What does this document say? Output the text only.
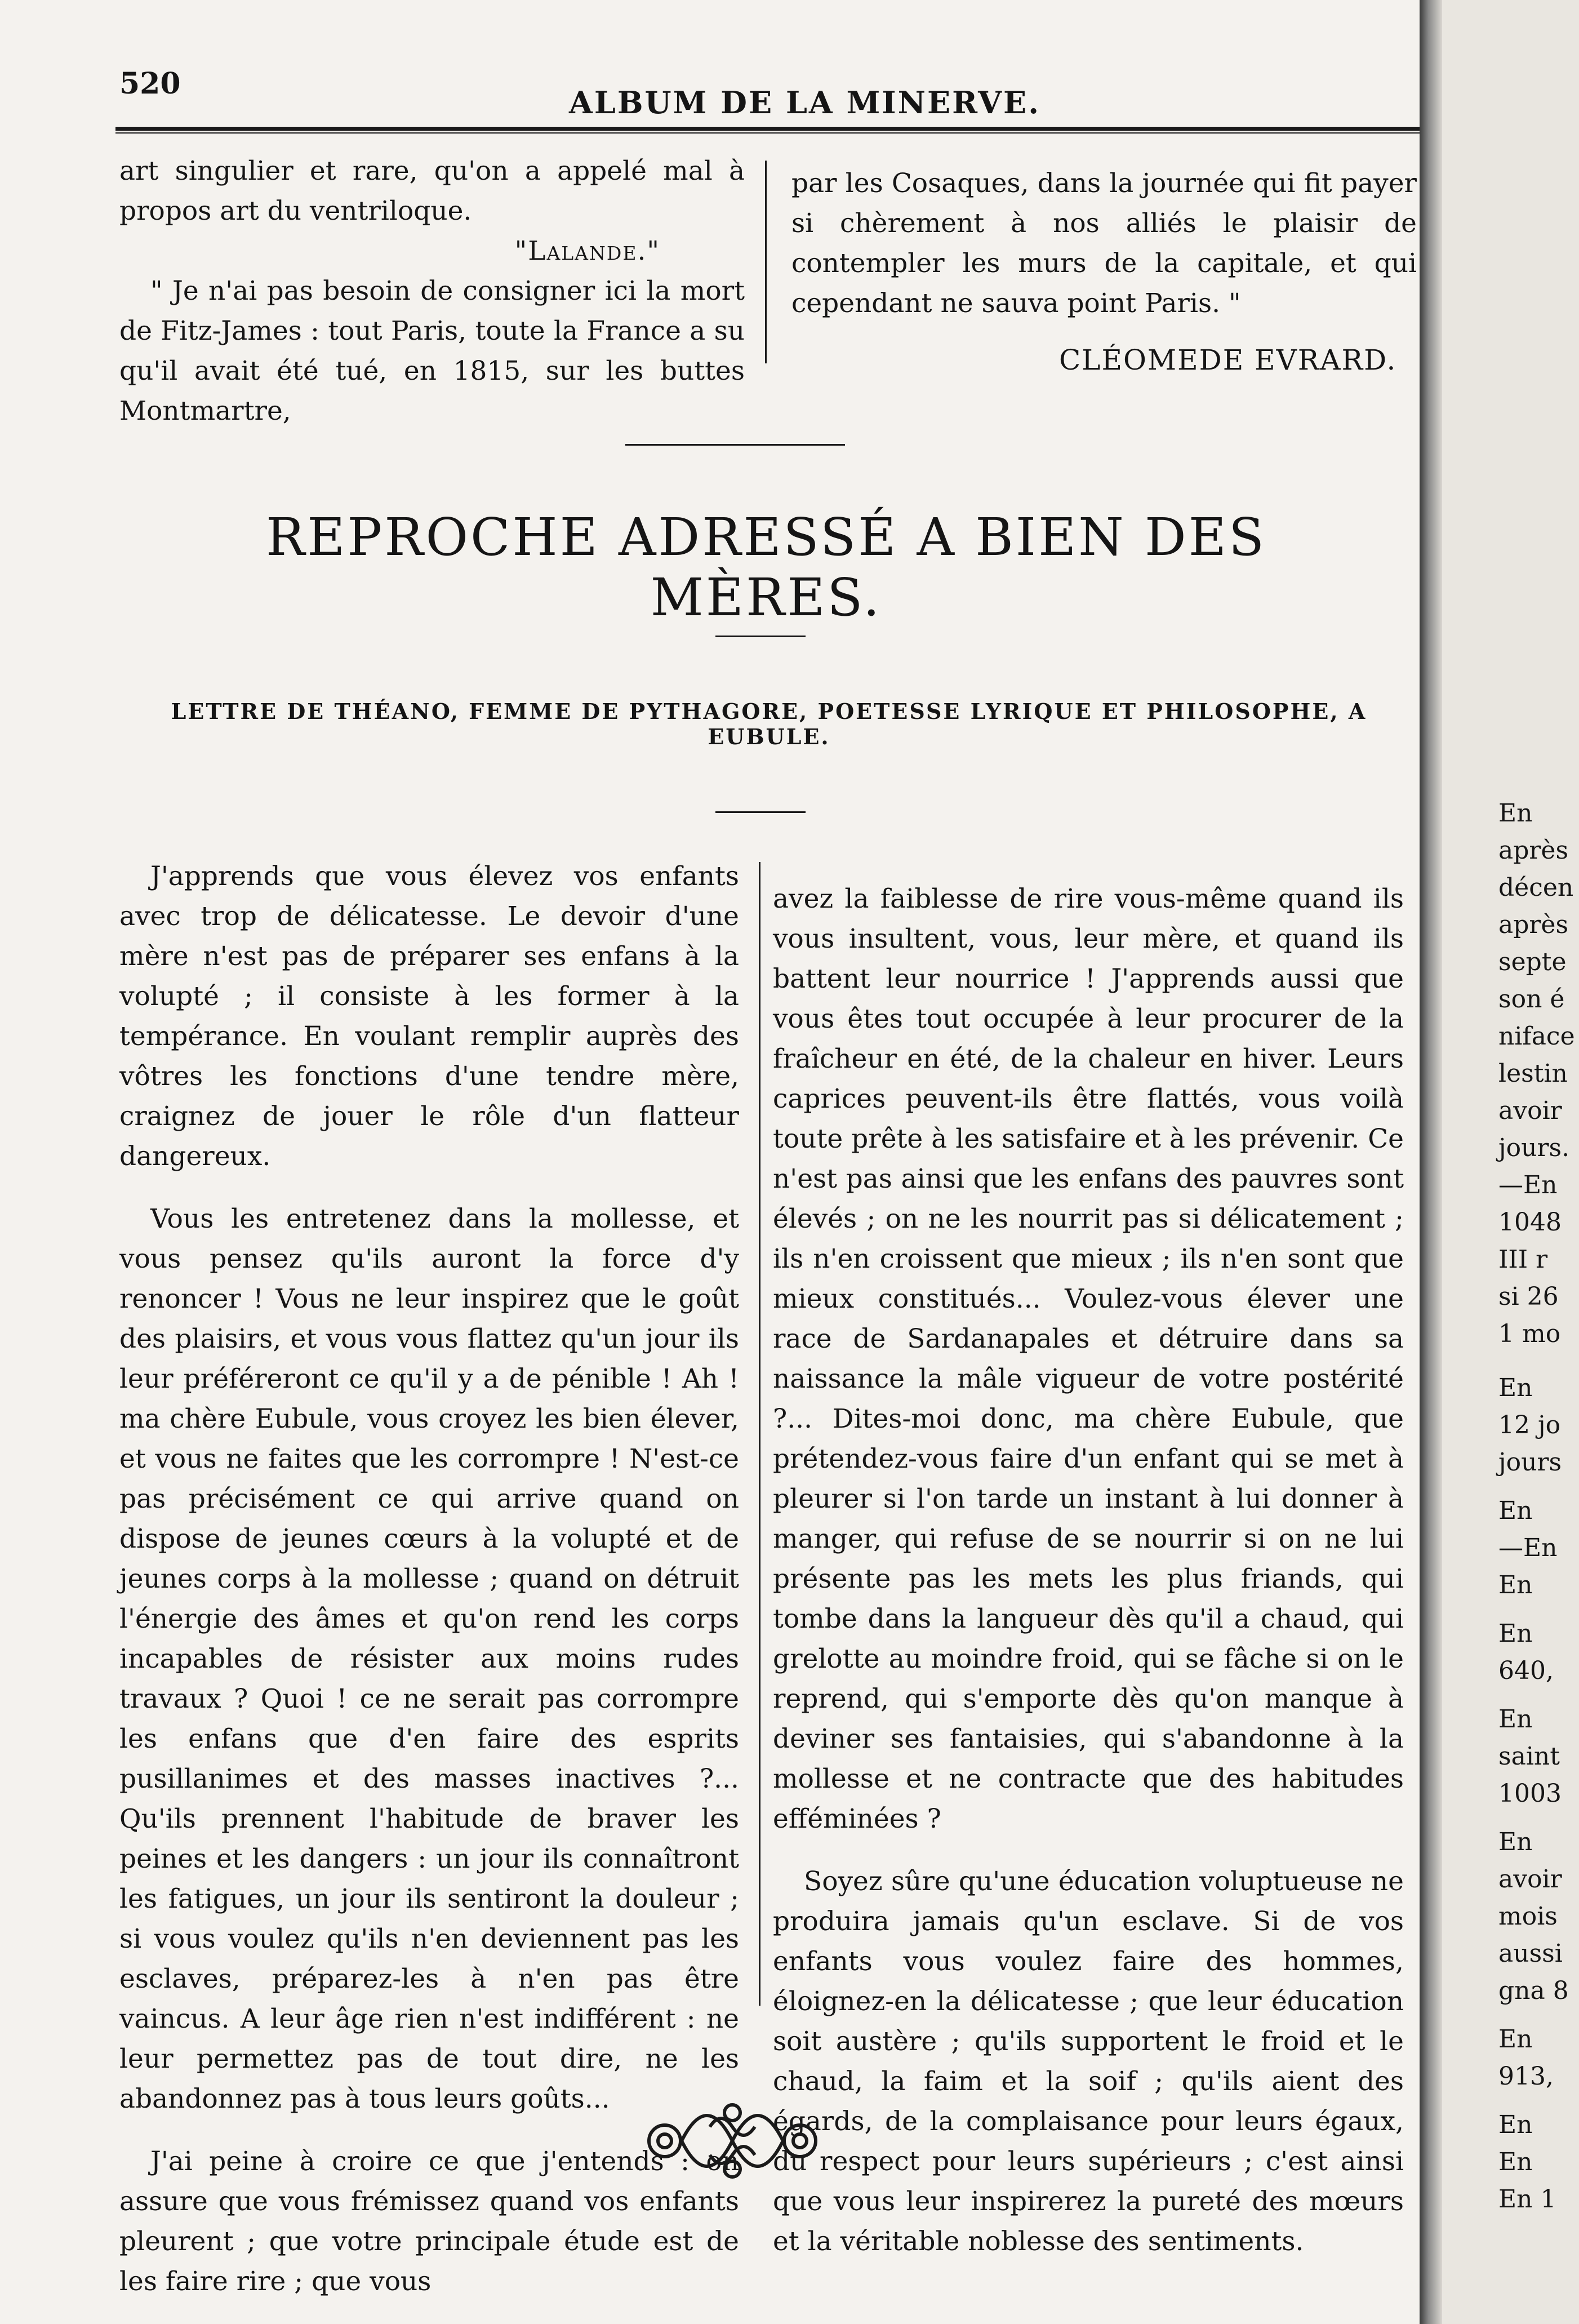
520
ALBUM DE LA MINERVE.

art singulier et rare, qu'on a appelé mal à propos art du ventriloque.

"Lalande."

" Je n'ai pas besoin de consigner ici la mort de Fitz-James : tout Paris, toute la France a su qu'il avait été tué, en 1815, sur les buttes Montmartre,

par les Cosaques, dans la journée qui fit payer si chèrement à nos alliés le plaisir de contempler les murs de la capitale, et qui cependant ne sauva point Paris. "

CLÉOMEDE EVRARD.
REPROCHE ADRESSÉ A BIEN DES MÈRES.
LETTRE DE THÉANO, FEMME DE PYTHAGORE, POETESSE LYRIQUE ET PHILOSOPHE, A EUBULE.

J'apprends que vous élevez vos enfants avec trop de délicatesse. Le devoir d'une mère n'est pas de préparer ses enfans à la volupté ; il consiste à les former à la tempérance. En voulant remplir auprès des vôtres les fonctions d'une tendre mère, craignez de jouer le rôle d'un flatteur dangereux.

Vous les entretenez dans la mollesse, et vous pensez qu'ils auront la force d'y renoncer ! Vous ne leur inspirez que le goût des plaisirs, et vous vous flattez qu'un jour ils leur préféreront ce qu'il y a de pénible ! Ah ! ma chère Eubule, vous croyez les bien élever, et vous ne faites que les corrompre ! N'est-ce pas précisément ce qui arrive quand on dispose de jeunes cœurs à la volupté et de jeunes corps à la mollesse ; quand on détruit l'énergie des âmes et qu'on rend les corps incapables de résister aux moins rudes travaux ? Quoi ! ce ne serait pas corrompre les enfans que d'en faire des esprits pusillanimes et des masses inactives ?... Qu'ils prennent l'habitude de braver les peines et les dangers : un jour ils connaîtront les fatigues, un jour ils sentiront la douleur ; si vous voulez qu'ils n'en deviennent pas les esclaves, préparez-les à n'en pas être vaincus. A leur âge rien n'est indifférent : ne leur permettez pas de tout dire, ne les abandonnez pas à tous leurs goûts...

J'ai peine à croire ce que j'entends : on assure que vous frémissez quand vos enfants pleurent ; que votre principale étude est de les faire rire ; que vous

avez la faiblesse de rire vous-même quand ils vous insultent, vous, leur mère, et quand ils battent leur nourrice ! J'apprends aussi que vous êtes tout occupée à leur procurer de la fraîcheur en été, de la chaleur en hiver. Leurs caprices peuvent-ils être flattés, vous voilà toute prête à les satisfaire et à les prévenir. Ce n'est pas ainsi que les enfans des pauvres sont élevés ; on ne les nourrit pas si délicatement ; ils n'en croissent que mieux ; ils n'en sont que mieux constitués... Voulez-vous élever une race de Sardanapales et détruire dans sa naissance la mâle vigueur de votre postérité ?... Dites-moi donc, ma chère Eubule, que prétendez-vous faire d'un enfant qui se met à pleurer si l'on tarde un instant à lui donner à manger, qui refuse de se nourrir si on ne lui présente pas les mets les plus friands, qui tombe dans la langueur dès qu'il a chaud, qui grelotte au moindre froid, qui se fâche si on le reprend, qui s'emporte dès qu'on manque à deviner ses fantaisies, qui s'abandonne à la mollesse et ne contracte que des habitudes efféminées ?

Soyez sûre qu'une éducation voluptueuse ne produira jamais qu'un esclave. Si de vos enfants vous voulez faire des hommes, éloignez-en la délicatesse ; que leur éducation soit austère ; qu'ils supportent le froid et le chaud, la faim et la soif ; qu'ils aient des égards, de la complaisance pour leurs égaux, du respect pour leurs supérieurs ; c'est ainsi que vous leur inspirerez la pureté des mœurs et la véritable noblesse des sentiments.

En
après
décen
après
septe
son é
niface
lestin
avoir
jours.
—En
1048
III r
si 26
1 mo
En
12 jo
jours
En
—En
En
En
640,
En
saint
1003
En
avoir
mois
aussi
gna 8
En
913,
En
En
En 1
